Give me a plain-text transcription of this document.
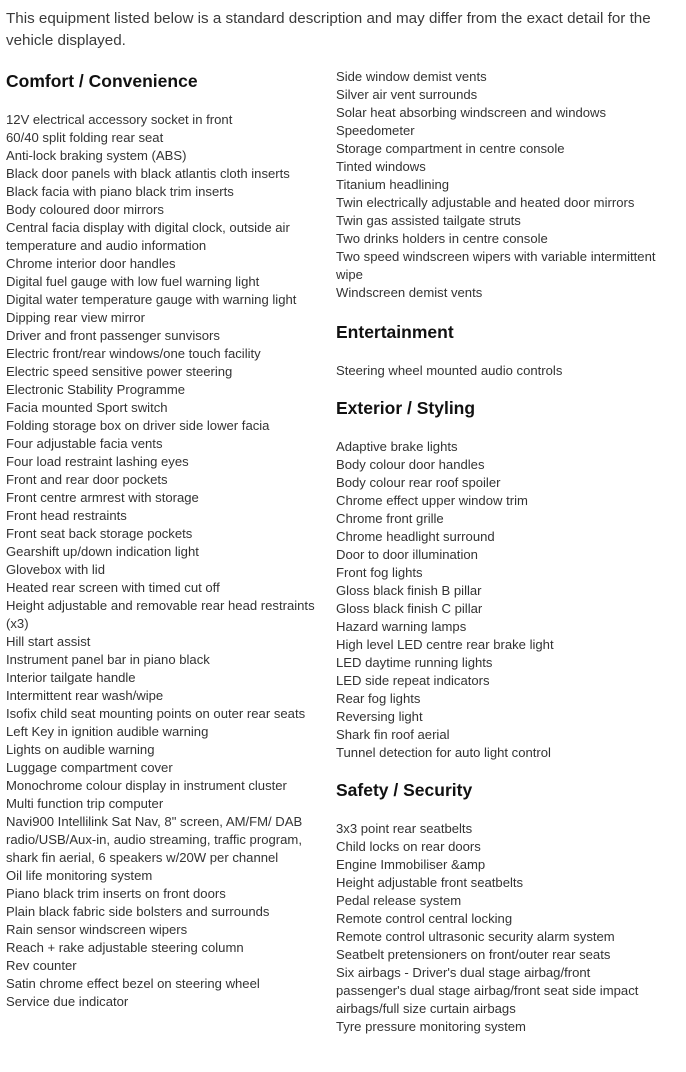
This equipment listed below is a standard description and may differ from the exact detail for the vehicle displayed.

Comfort / Convenience
12V electrical accessory socket in front
60/40 split folding rear seat
Anti-lock braking system (ABS)
Black door panels with black atlantis cloth inserts
Black facia with piano black trim inserts
Body coloured door mirrors
Central facia display with digital clock, outside air temperature and audio information
Chrome interior door handles
Digital fuel gauge with low fuel warning light
Digital water temperature gauge with warning light
Dipping rear view mirror
Driver and front passenger sunvisors
Electric front/rear windows/one touch facility
Electric speed sensitive power steering
Electronic Stability Programme
Facia mounted Sport switch
Folding storage box on driver side lower facia
Four adjustable facia vents
Four load restraint lashing eyes
Front and rear door pockets
Front centre armrest with storage
Front head restraints
Front seat back storage pockets
Gearshift up/down indication light
Glovebox with lid
Heated rear screen with timed cut off
Height adjustable and removable rear head restraints (x3)
Hill start assist
Instrument panel bar in piano black
Interior tailgate handle
Intermittent rear wash/wipe
Isofix child seat mounting points on outer rear seats
Left Key in ignition audible warning
Lights on audible warning
Luggage compartment cover
Monochrome colour display in instrument cluster
Multi function trip computer
Navi900 Intellilink Sat Nav, 8" screen, AM/FM/ DAB radio/USB/Aux-in, audio streaming, traffic program, shark fin aerial, 6 speakers w/20W per channel
Oil life monitoring system
Piano black trim inserts on front doors
Plain black fabric side bolsters and surrounds
Rain sensor windscreen wipers
Reach + rake adjustable steering column
Rev counter
Satin chrome effect bezel on steering wheel
Service due indicator
Side window demist vents
Silver air vent surrounds
Solar heat absorbing windscreen and windows
Speedometer
Storage compartment in centre console
Tinted windows
Titanium headlining
Twin electrically adjustable and heated door mirrors
Twin gas assisted tailgate struts
Two drinks holders in centre console
Two speed windscreen wipers with variable intermittent wipe
Windscreen demist vents
Entertainment
Steering wheel mounted audio controls
Exterior / Styling
Adaptive brake lights
Body colour door handles
Body colour rear roof spoiler
Chrome effect upper window trim
Chrome front grille
Chrome headlight surround
Door to door illumination
Front fog lights
Gloss black finish B pillar
Gloss black finish C pillar
Hazard warning lamps
High level LED centre rear brake light
LED daytime running lights
LED side repeat indicators
Rear fog lights
Reversing light
Shark fin roof aerial
Tunnel detection for auto light control
Safety / Security
3x3 point rear seatbelts
Child locks on rear doors
Engine Immobiliser &amp
Height adjustable front seatbelts
Pedal release system
Remote control central locking
Remote control ultrasonic security alarm system
Seatbelt pretensioners on front/outer rear seats
Six airbags - Driver's dual stage airbag/front passenger's dual stage airbag/front seat side impact airbags/full size curtain airbags
Tyre pressure monitoring system
